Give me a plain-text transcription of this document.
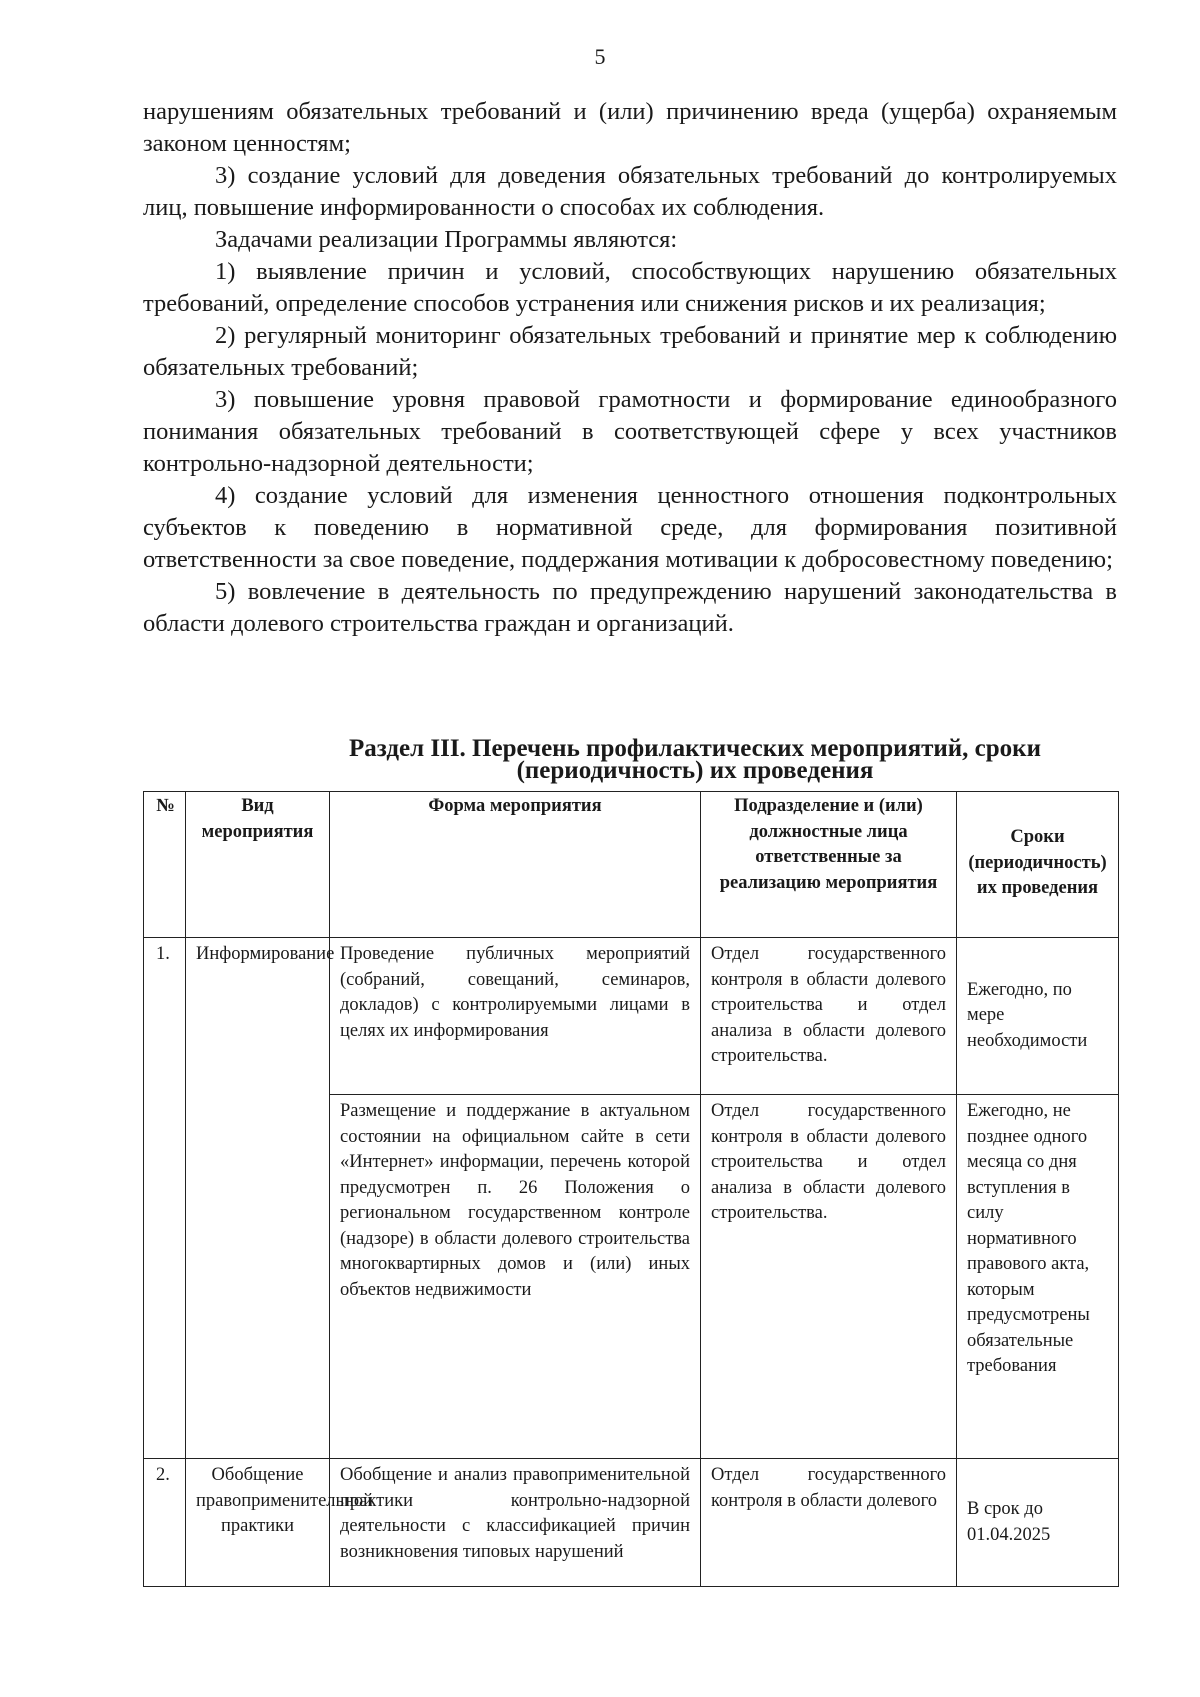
5

нарушениям обязательных требований и (или) причинению вреда (ущерба) охраняемым законом ценностям;

3) создание условий для доведения обязательных требований до контролируемых лиц, повышение информированности о способах их соблюдения.

Задачами реализации Программы являются:

1) выявление причин и условий, способствующих нарушению обязательных требований, определение способов устранения или снижения рисков и их реализация;

2) регулярный мониторинг обязательных требований и принятие мер к соблюдению обязательных требований;

3) повышение уровня правовой грамотности и формирование единообразного понимания обязательных требований в соответствующей сфере у всех участников контрольно-надзорной деятельности;

4) создание условий для изменения ценностного отношения подконтрольных субъектов к поведению в нормативной среде, для формирования позитивной ответственности за свое поведение, поддержания мотивации к добросовестному поведению;

5) вовлечение в деятельность по предупреждению нарушений законодательства в области долевого строительства граждан и организаций.

Раздел III. Перечень профилактических мероприятий, сроки (периодичность) их проведения
№	Вид мероприятия	Форма мероприятия	Подразделение и (или) должностные лица ответственные за реализацию мероприятия	Сроки (периодичность) их проведения
1.	Информирование	Проведение публичных мероприятий (собраний, совещаний, семинаров, докладов) с контролируемыми лицами в целях их информирования	Отдел государственного контроля в области долевого строительства и отдел анализа в области долевого строительства.	Ежегодно, по мере необходимости
		Размещение и поддержание в актуальном состоянии на официальном сайте в сети «Интернет» информации, перечень которой предусмотрен п. 26 Положения о региональном государственном контроле (надзоре) в области долевого строительства многоквартирных домов и (или) иных объектов недвижимости	Отдел государственного контроля в области долевого строительства и отдел анализа в области долевого строительства.	Ежегодно, не позднее одного месяца со дня вступления в силу нормативного правового акта, которым предусмотрены обязательные требования
2.	Обобщение правоприменительной практики	Обобщение и анализ правоприменительной практики контрольно-надзорной деятельности с классификацией причин возникновения типовых нарушений	Отдел государственного контроля в области долевого	В срок до 01.04.2025
